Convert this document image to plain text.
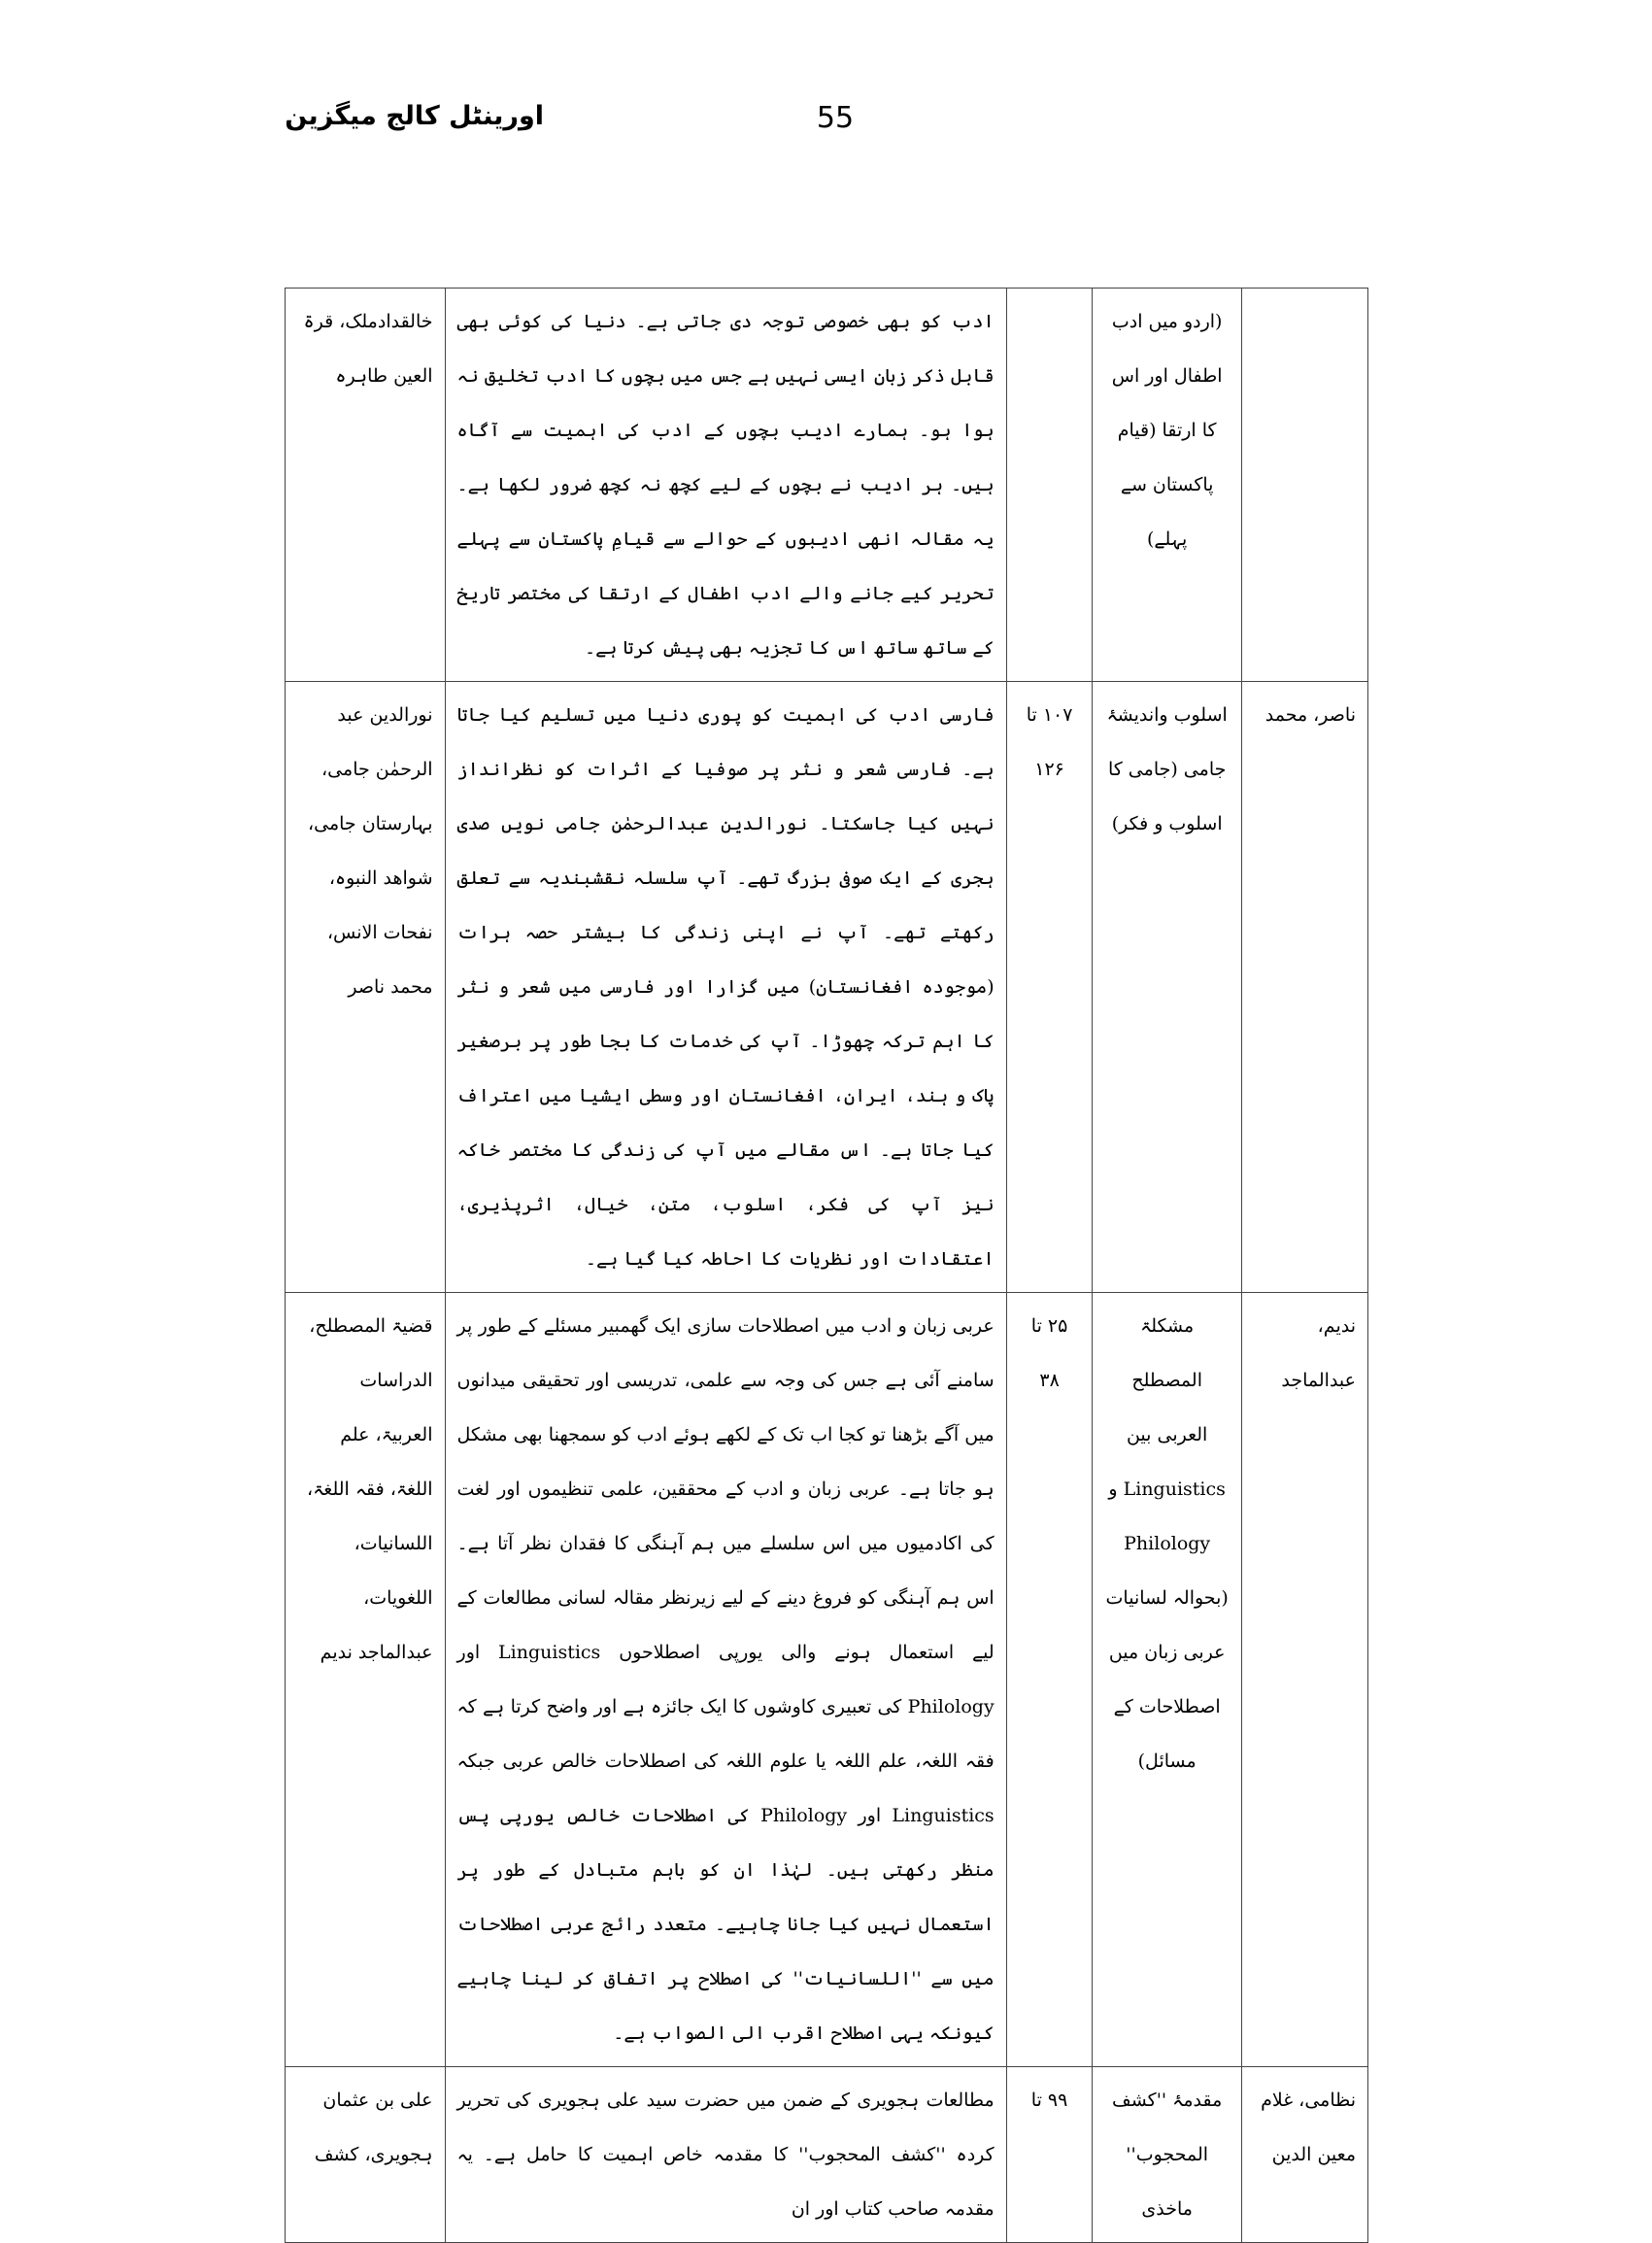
55
اورینٹل کالج میگزین
	(اردو میں ادب اطفال اور اس کا ارتقا (قیام پاکستان سے پہلے)		ادب کو بھی خصوصی توجہ دی جاتی ہے۔ دنیا کی کوئی بھی قابل ذکر زبان ایسی نہیں ہے جس میں بچوں کا ادب تخلیق نہ ہوا ہو۔ ہمارے ادیب بچوں کے ادب کی اہمیت سے آگاہ ہیں۔ ہر ادیب نے بچوں کے لیے کچھ نہ کچھ ضرور لکھا ہے۔ یہ مقالہ انھی ادیبوں کے حوالے سے قیامِ پاکستان سے پہلے تحریر کیے جانے والے ادب اطفال کے ارتقا کی مختصر تاریخ کے ساتھ ساتھ اس کا تجزیہ بھی پیش کرتا ہے۔	خالقدادملک، قرۃ العین طاہرہ
ناصر، محمد	اسلوب واندیشۂ جامی (جامی کا اسلوب و فکر)	۱۰۷ تا ۱۲۶	فارسی ادب کی اہمیت کو پوری دنیا میں تسلیم کیا جاتا ہے۔ فارسی شعر و نثر پر صوفیا کے اثرات کو نظرانداز نہیں کیا جاسکتا۔ نورالدین عبدالرحمٰن جامی نویں صدی ہجری کے ایک صوفی بزرگ تھے۔ آپ سلسلہ نقشبندیہ سے تعلق رکھتے تھے۔ آپ نے اپنی زندگی کا بیشتر حصہ ہرات (موجودہ افغانستان) میں گزارا اور فارسی میں شعر و نثر کا اہم ترکہ چھوڑا۔ آپ کی خدمات کا بجا طور پر برصغیر پاک و ہند، ایران، افغانستان اور وسطی ایشیا میں اعتراف کیا جاتا ہے۔ اس مقالے میں آپ کی زندگی کا مختصر خاکہ نیز آپ کی فکر، اسلوب، متن، خیال، اثرپذیری، اعتقادات اور نظریات کا احاطہ کیا گیا ہے۔	نورالدین عبد الرحمٰن جامی، بہارستان جامی، شواھد النبوہ، نفحات الانس، محمد ناصر
ندیم، عبدالماجد	مشکلۃ المصطلح العربی بین Linguistics و Philology (بحوالہ لسانیات عربی زبان میں اصطلاحات کے مسائل)	۲۵ تا ۳۸	عربی زبان و ادب میں اصطلاحات سازی ایک گھمبیر مسئلے کے طور پر سامنے آئی ہے جس کی وجہ سے علمی، تدریسی اور تحقیقی میدانوں میں آگے بڑھنا تو کجا اب تک کے لکھے ہوئے ادب کو سمجھنا بھی مشکل ہو جاتا ہے۔ عربی زبان و ادب کے محققین، علمی تنظیموں اور لغت کی اکادمیوں میں اس سلسلے میں ہم آہنگی کا فقدان نظر آتا ہے۔ اس ہم آہنگی کو فروغ دینے کے لیے زیرنظر مقالہ لسانی مطالعات کے لیے استعمال ہونے والی یورپی اصطلاحوں Linguistics اور Philology کی تعبیری کاوشوں کا ایک جائزہ ہے اور واضح کرتا ہے کہ فقہ اللغہ، علم اللغہ یا علوم اللغہ کی اصطلاحات خالص عربی جبکہ Linguistics اور Philology کی اصطلاحات خالص یورپی پس منظر رکھتی ہیں۔ لہٰذا ان کو باہم متبادل کے طور پر استعمال نہیں کیا جانا چاہیے۔ متعدد رائج عربی اصطلاحات میں سے ''اللسانیات'' کی اصطلاح پر اتفاق کر لینا چاہیے کیونکہ یہی اصطلاح اقرب الی الصواب ہے۔	قضیۃ المصطلح، الدراسات العربیۃ، علم اللغۃ، فقہ اللغۃ، اللسانیات، اللغویات، عبدالماجد ندیم
نظامی، غلام معین الدین	مقدمۂ ''کشف المحجوب'' ماخذی	۹۹ تا	مطالعات ہجویری کے ضمن میں حضرت سید علی ہجویری کی تحریر کردہ ''کشف المحجوب'' کا مقدمہ خاص اہمیت کا حامل ہے۔ یہ مقدمہ صاحب کتاب اور ان	علی بن عثمان ہجویری، کشف
